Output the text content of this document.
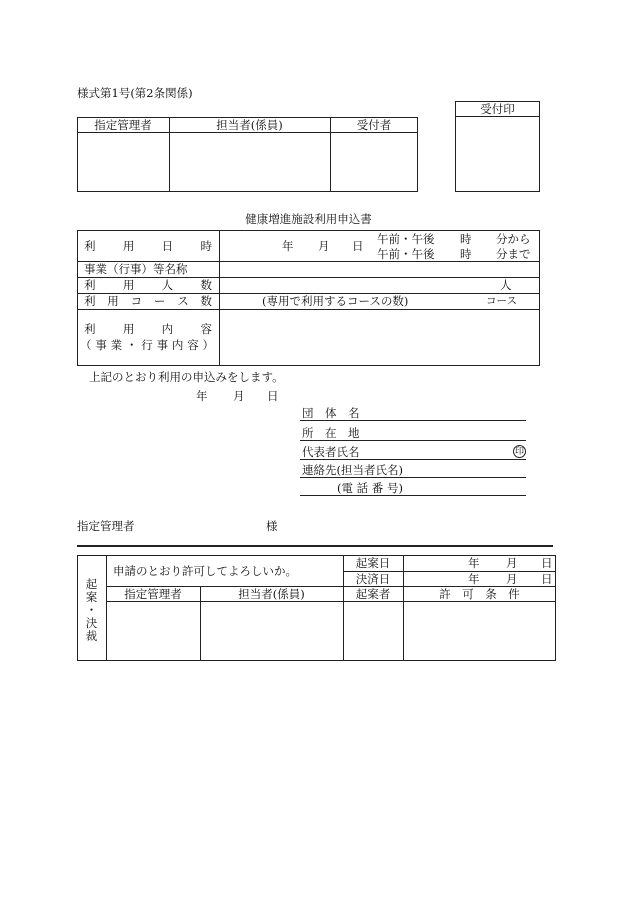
様式第1号(第2条関係)
指定管理者	担当者(係員)	受付者
受付印
健康増進施設利用申込書
利 用 日 時	年 月 日 午前・午後 時 分から
午前・午後 時 分まで
事業（行事）等名称
利 用 人 数	人
利 用 コ ー ス 数	(専用で利用するコースの数)	コース
利 用 内 容
（ 事 業 ・ 行 事 内 容 ）
上記のとおり利用の申込みをします。
年 月 日
団　体　名
所　在　地
代表者氏名	印
連絡先(担当者氏名)
(電 話 番 号)
指定管理者	様
起
案
・
決
裁
申請のとおり許可してよろしいか。
起案日	年 月 日
決済日	年 月 日
指定管理者	担当者(係員)	起案者	許　可　条　件
